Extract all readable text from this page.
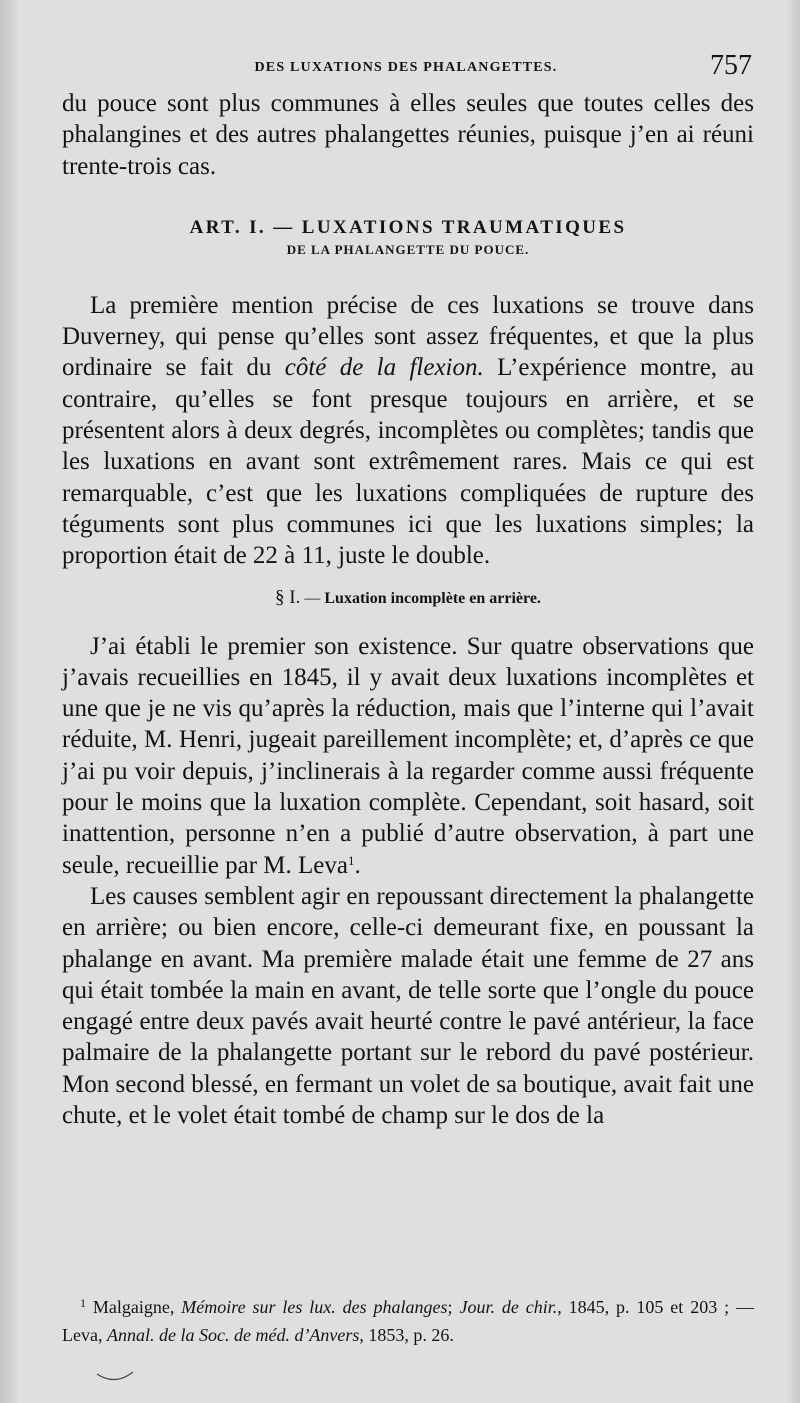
DES LUXATIONS DES PHALANGETTES.	757

du pouce sont plus communes à elles seules que toutes celles des phalangines et des autres phalangettes réunies, puisque j’en ai réuni trente-trois cas.

ART. I. — LUXATIONS TRAUMATIQUES
DE LA PHALANGETTE DU POUCE.

La première mention précise de ces luxations se trouve dans Duverney, qui pense qu’elles sont assez fréquentes, et que la plus ordinaire se fait du côté de la flexion. L’expérience montre, au contraire, qu’elles se font presque toujours en arrière, et se présentent alors à deux degrés, incomplètes ou complètes; tandis que les luxations en avant sont extrêmement rares. Mais ce qui est remarquable, c’est que les luxations compliquées de rupture des téguments sont plus communes ici que les luxations simples; la proportion était de 22 à 11, juste le double.

§ I. — Luxation incomplète en arrière.

J’ai établi le premier son existence. Sur quatre observations que j’avais recueillies en 1845, il y avait deux luxations incomplètes et une que je ne vis qu’après la réduction, mais que l’interne qui l’avait réduite, M. Henri, jugeait pareillement incomplète; et, d’après ce que j’ai pu voir depuis, j’inclinerais à la regarder comme aussi fréquente pour le moins que la luxation complète. Cependant, soit hasard, soit inattention, personne n’en a publié d’autre observation, à part une seule, recueillie par M. Leva$^1$.

Les causes semblent agir en repoussant directement la phalangette en arrière; ou bien encore, celle-ci demeurant fixe, en poussant la phalange en avant. Ma première malade était une femme de 27 ans qui était tombée la main en avant, de telle sorte que l’ongle du pouce engagé entre deux pavés avait heurté contre le pavé antérieur, la face palmaire de la phalangette portant sur le rebord du pavé postérieur. Mon second blessé, en fermant un volet de sa boutique, avait fait une chute, et le volet était tombé de champ sur le dos de la

$^1$ Malgaigne, Mémoire sur les lux. des phalanges; Jour. de chir., 1845, p. 105 et 203 ; — Leva, Annal. de la Soc. de méd. d’Anvers, 1853, p. 26.
